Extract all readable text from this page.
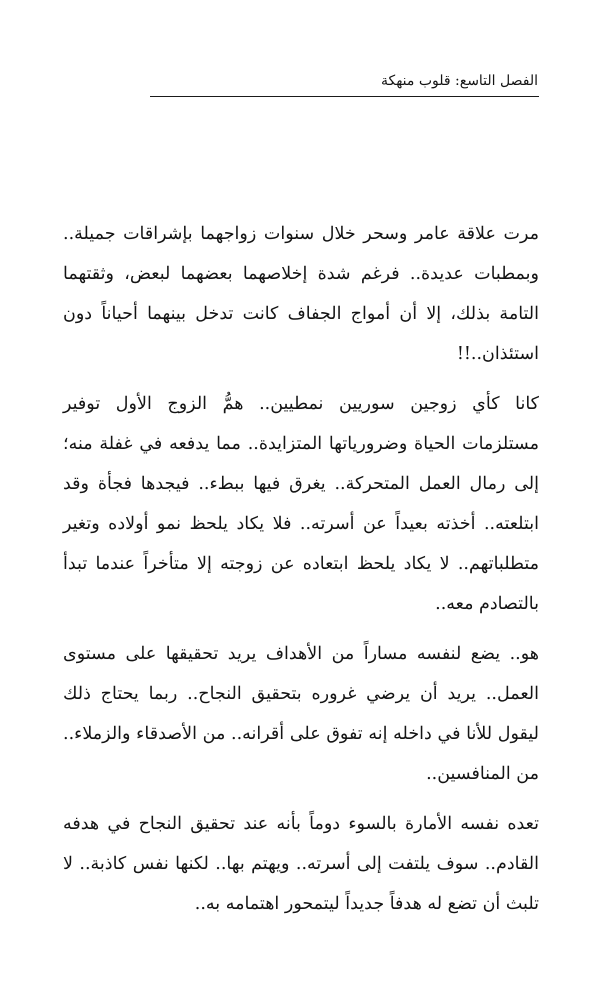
الفصل التاسع: قلوب منهكة

مرت علاقة عامر وسحر خلال سنوات زواجهما بإشراقات جميلة.. وبمطبات عديدة.. فرغم شدة إخلاصهما بعضهما لبعض، وثقتهما التامة بذلك، إلا أن أمواج الجفاف كانت تدخل بينهما أحياناً دون استئذان..!!

كانا كأي زوجين سوريين نمطيين.. همُّ الزوج الأول توفير مستلزمات الحياة وضرورياتها المتزايدة.. مما يدفعه في غفلة منه؛ إلى رمال العمل المتحركة.. يغرق فيها ببطء.. فيجدها فجأة وقد ابتلعته.. أخذته بعيداً عن أسرته.. فلا يكاد يلحظ نمو أولاده وتغير متطلباتهم.. لا يكاد يلحظ ابتعاده عن زوجته إلا متأخراً عندما تبدأ بالتصادم معه..

هو.. يضع لنفسه مساراً من الأهداف يريد تحقيقها على مستوى العمل.. يريد أن يرضي غروره بتحقيق النجاح.. ربما يحتاج ذلك ليقول للأنا في داخله إنه تفوق على أقرانه.. من الأصدقاء والزملاء.. من المنافسين..

تعده نفسه الأمارة بالسوء دوماً بأنه عند تحقيق النجاح في هدفه القادم.. سوف يلتفت إلى أسرته.. ويهتم بها.. لكنها نفس كاذبة.. لا تلبث أن تضع له هدفاً جديداً ليتمحور اهتمامه به..
